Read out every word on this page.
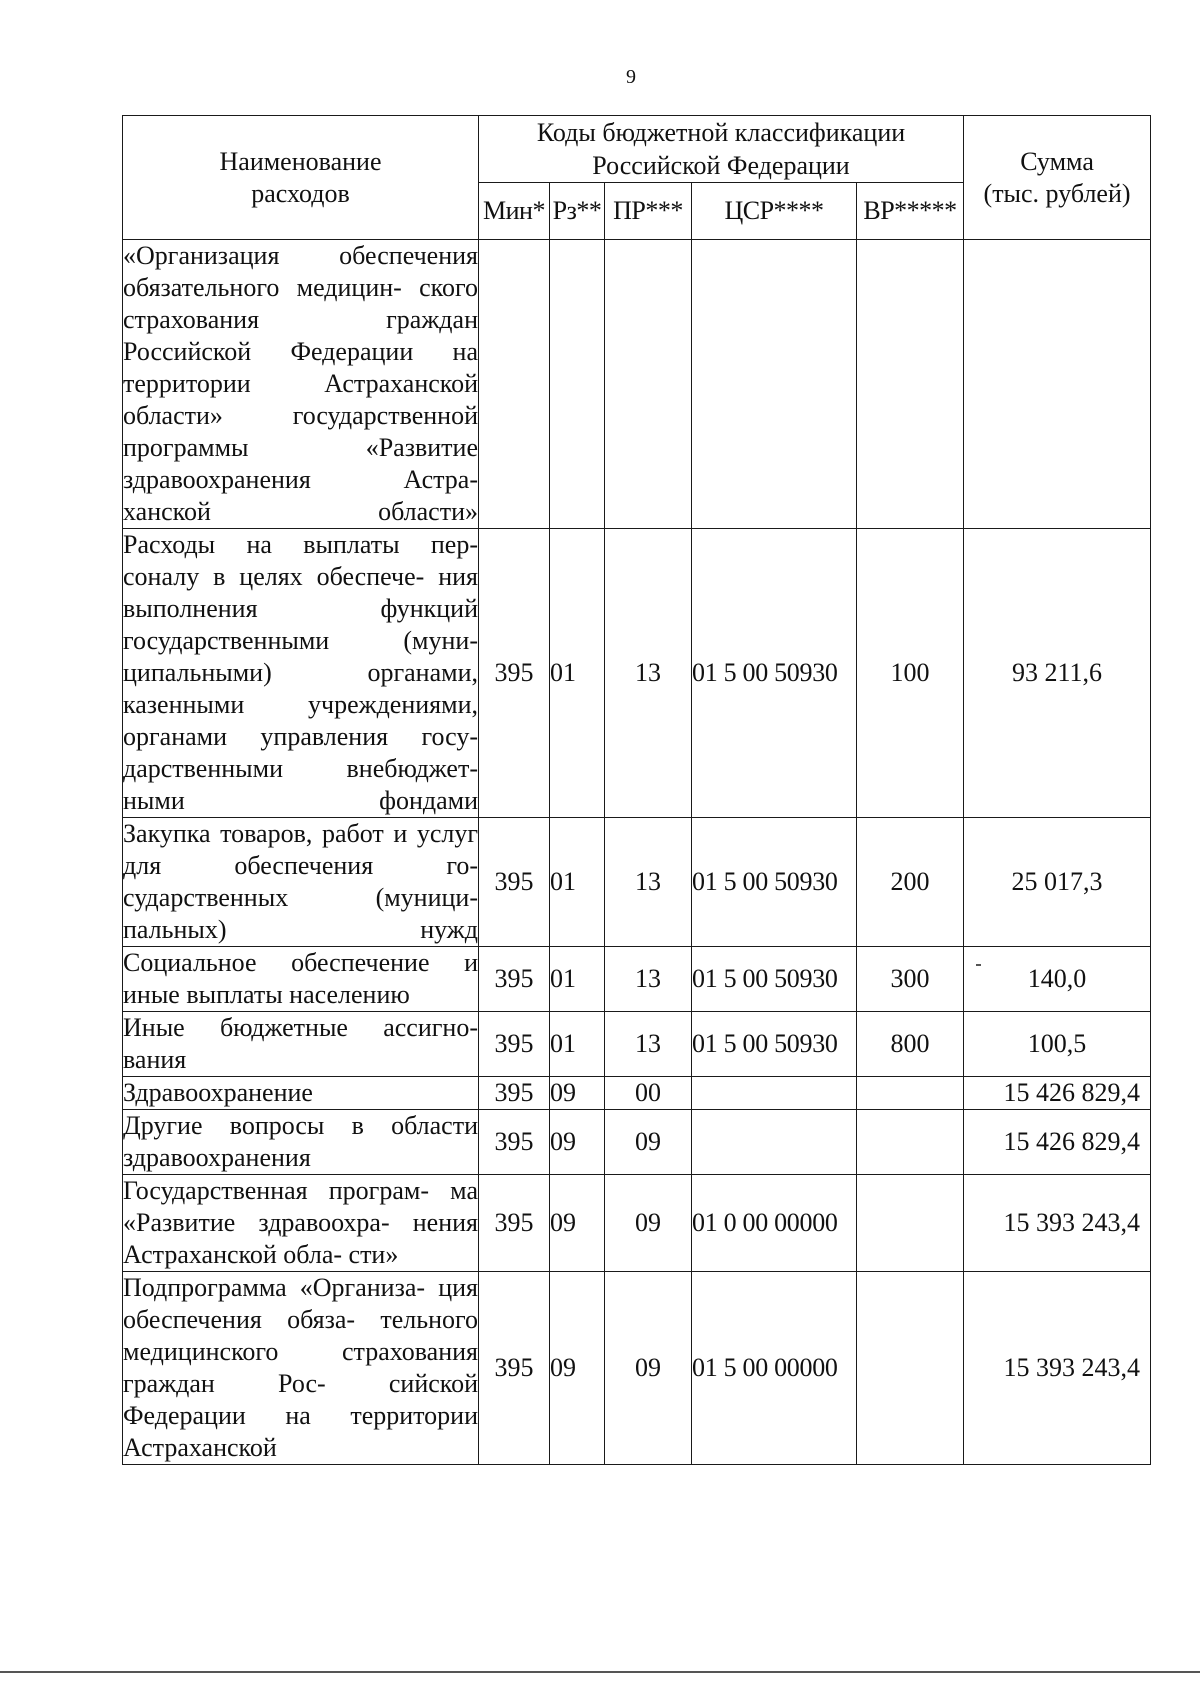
9
Наименование
расходов	Коды бюджетной классификации
Российской Федерации					Сумма
(тыс. рублей)
	Мин*	Рз**	ПР***	ЦСР****	ВР*****	
«Организация обеспечения обязательного медицин- ского страхования граждан Российской Федерации на территории Астраханской области» государственной программы «Развитие здравоохранения Астра- ханской области»						
Расходы на выплаты пер- соналу в целях обеспече- ния выполнения функций государственными (муни- ципальными) органами, казенными учреждениями, органами управления госу- дарственными внебюджет- ными фондами	395	01	13	01 5 00 50930	100	93 211,6
Закупка товаров, работ и услуг для обеспечения го- сударственных (муници- пальных) нужд	395	01	13	01 5 00 50930	200	25 017,3
Социальное обеспечение и иные выплаты населению	395	01	13	01 5 00 50930	300	140,0
Иные бюджетные ассигно- вания	395	01	13	01 5 00 50930	800	100,5
Здравоохранение	395	09	00			15 426 829,4
Другие вопросы в области здравоохранения	395	09	09			15 426 829,4
Государственная програм- ма «Развитие здравоохра- нения Астраханской обла- сти»	395	09	09	01 0 00 00000		15 393 243,4
Подпрограмма «Организа- ция обеспечения обяза- тельного медицинского страхования граждан Рос- сийской Федерации на территории Астраханской	395	09	09	01 5 00 00000		15 393 243,4
